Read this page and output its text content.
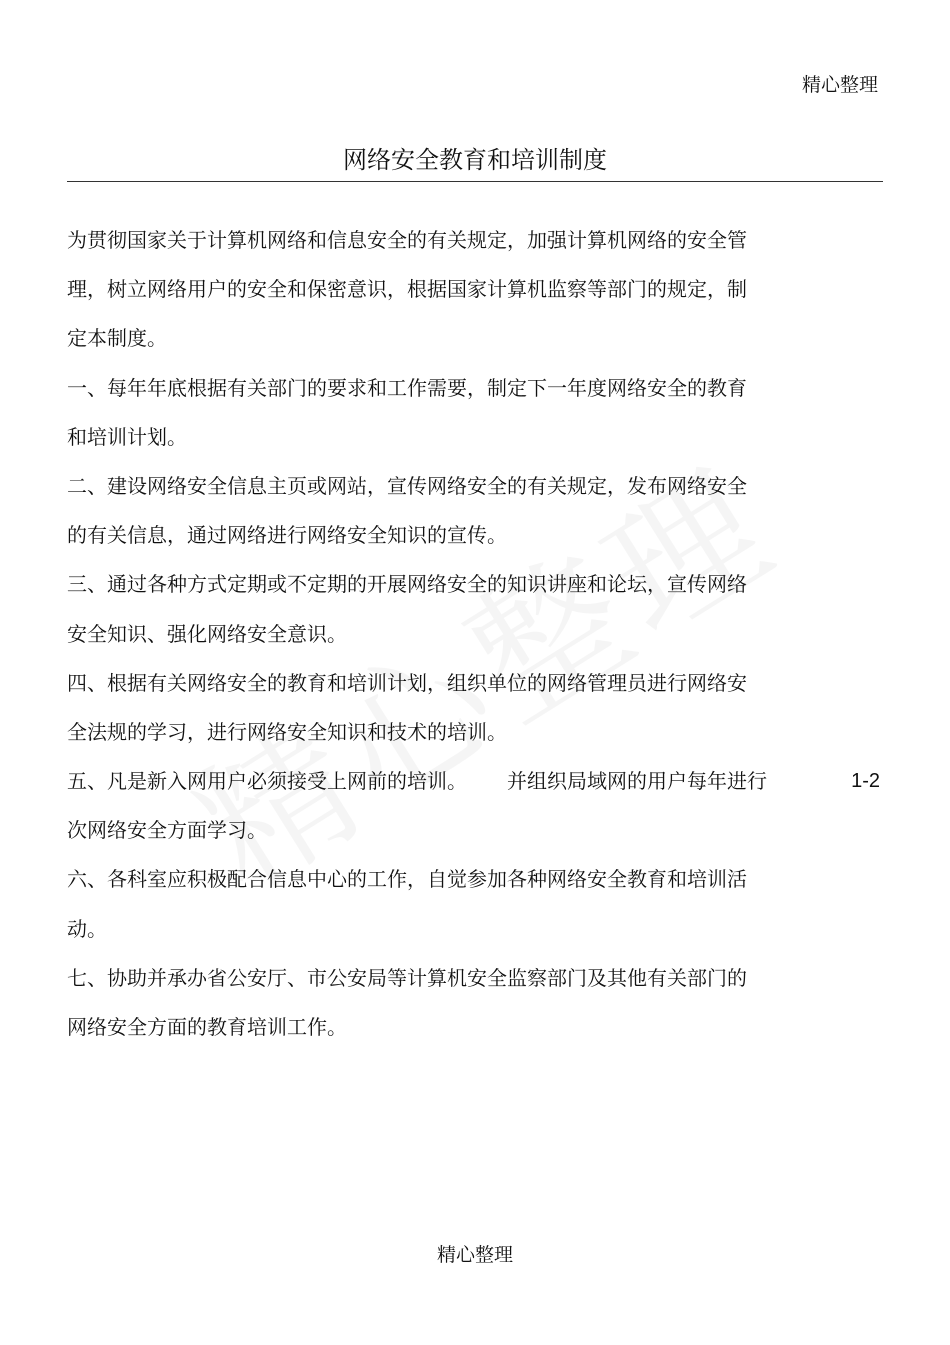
精心整理
网络安全教育和培训制度
为贯彻国家关于计算机网络和信息安全的有关规定，加强计算机网络的安全管
理，树立网络用户的安全和保密意识，根据国家计算机监察等部门的规定，制
定本制度。
一、每年年底根据有关部门的要求和工作需要，制定下一年度网络安全的教育
和培训计划。
二、建设网络安全信息主页或网站，宣传网络安全的有关规定，发布网络安全
的有关信息，通过网络进行网络安全知识的宣传。
三、通过各种方式定期或不定期的开展网络安全的知识讲座和论坛，宣传网络
安全知识、强化网络安全意识。
四、根据有关网络安全的教育和培训计划，组织单位的网络管理员进行网络安
全法规的学习，进行网络安全知识和技术的培训。
五、凡是新入网用户必须接受上网前的培训。 并组织局域网的用户每年进行	1-2
次网络安全方面学习。
六、各科室应积极配合信息中心的工作，自觉参加各种网络安全教育和培训活
动。
七、协助并承办省公安厅、市公安局等计算机安全监察部门及其他有关部门的
网络安全方面的教育培训工作。
精心整理
